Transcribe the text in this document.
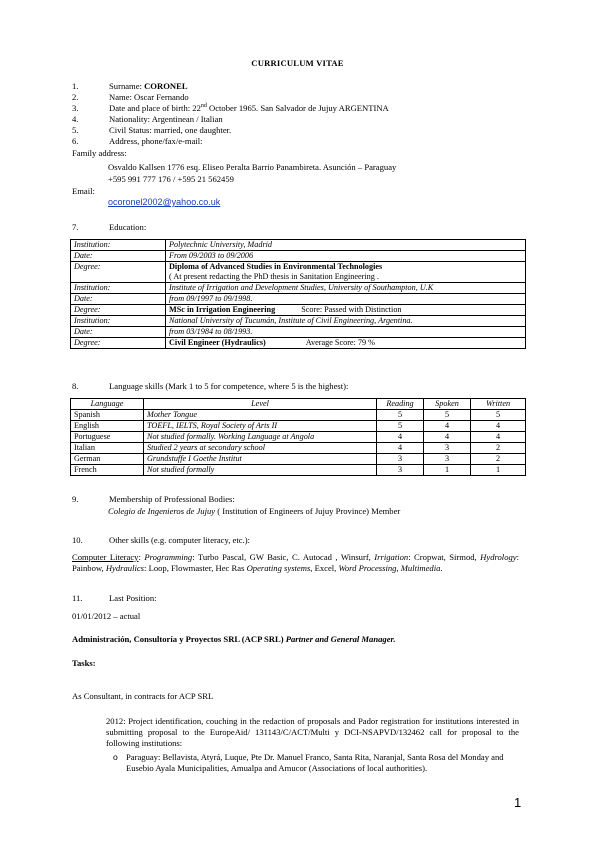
CURRICULUM VITAE
1.	Surname: CORONEL
2.	Name: Oscar Fernando
3.	Date and place of birth: 22nd October 1965. San Salvador de Jujuy ARGENTINA
4.	Nationality: Argentinean / Italian
5.	Civil Status: married, one daughter.
6.	Address, phone/fax/e-mail:
Family address:
Osvaldo Kallsen 1776 esq. Eliseo Peralta Barrio Panambireta. Asunción – Paraguay
+595 991 777 176 / +595 21 562459
Email:
ocoronel2002@yahoo.co.uk
7.	Education:
Institution:	Polytechnic University, Madrid
Date:	From 09/2003 to 09/2006
Degree:	Diploma of Advanced Studies in Environmental Technologies
( At present redacting the PhD thesis in Sanitation Engineering .

Institution:	Institute of Irrigation and Development Studies, University of Southampton, U.K
Date:	from 09/1997 to 09/1998.
Degree:	MSc in Irrigation Engineering Score: Passed with Distinction
Institution:	National University of Tucumán, Institute of Civil Engineering, Argentina.
Date:	from 03/1984 to 08/1993.
Degree:	Civil Engineer (Hydraulics) Average Score: 79 %
8.	Language skills (Mark 1 to 5 for competence, where 5 is the highest):
Language	Level	Reading	Spoken	Written
Spanish	Mother Tongue	5	5	5
English	TOEFL, IELTS, Royal Society of Arts II	5	4	4
Portuguese	Not studied formally. Working Language at Angola	4	4	4
Italian	Studied 2 years at secondary school	4	3	2
German	Grundstuffe I Goethe Institut	3	3	2
French	Not studied formally	3	1	1
9.	Membership of Professional Bodies:
Colegio de Ingenieros de Jujuy ( Institution of Engineers of Jujuy Province) Member
10.	Other skills (e.g. computer literacy, etc.):
Computer Literacy: Programming: Turbo Pascal, GW Basic, C. Autocad , Winsurf, Irrigation: Cropwat, Sirmod, Hydrology: Painbow, Hydraulics: Loop, Flowmaster, Hec Ras Operating systems, Excel, Word Processing, Multimedia.
11.	Last Position:
01/01/2012 – actual
Administración, Consultoría y Proyectos SRL (ACP SRL) Partner and General Manager.
Tasks:
As Consultant, in contracts for ACP SRL
2012: Project identification, couching in the redaction of proposals and Pador registration for institutions interested in submitting proposal to the EuropeAid/ 131143/C/ACT/Multi y DCI-NSAPVD/132462 call for proposal to the following institutions:
o Paraguay: Bellavista, Atyrá, Luque, Pte Dr. Manuel Franco, Santa Rita, Naranjal, Santa Rosa del Monday and Eusebio Ayala Municipalities, Amualpa and Amucor (Associations of local authorities).
1
